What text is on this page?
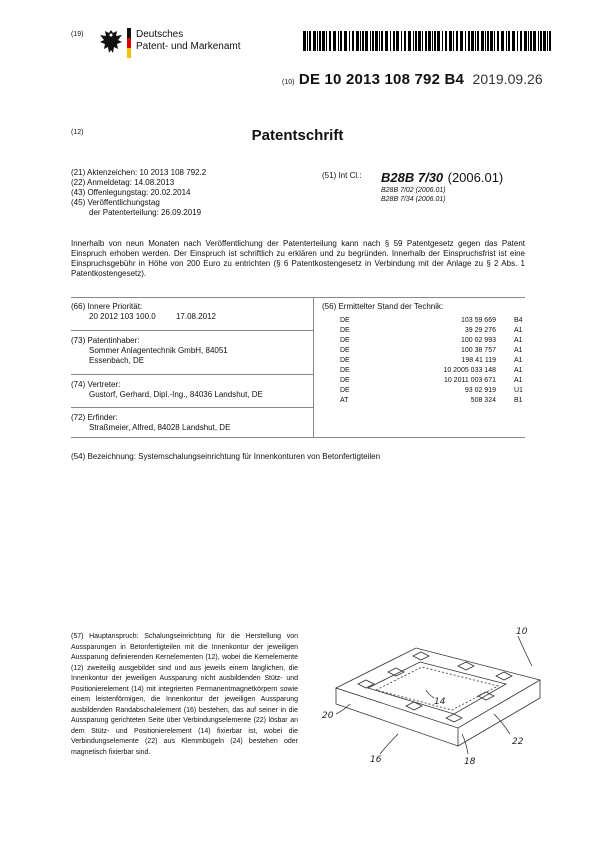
(19)	Deutsches
Patent- und Markenamt
(10) DE 10 2013 108 792 B4 2019.09.26
(12)	Patentschrift
(21) Aktenzeichen: 10 2013 108 792.2
(22) Anmeldetag: 14.08.2013
(43) Offenlegungstag: 20.02.2014
(45) Veröffentlichungstag
der Patenterteilung: 26.09.2019
(51) Int Cl.: B28B 7/30 (2006.01)
B28B 7/02 (2006.01)
B28B 7/34 (2006.01)
Innerhalb von neun Monaten nach Veröffentlichung der Patenterteilung kann nach § 59 Patentgesetz gegen das Patent Einspruch erhoben werden. Der Einspruch ist schriftlich zu erklären und zu begründen. Innerhalb der Einspruchsfrist ist eine Einspruchsgebühr in Höhe von 200 Euro zu entrichten (§ 6 Patentkostengesetz in Verbindung mit der Anlage zu § 2 Abs. 1 Patentkostengesetz).
(66) Innere Priorität:
20 2012 103 100.0	17.08.2012
(73) Patentinhaber:
Sommer Anlagentechnik GmbH, 84051
Essenbach, DE
(74) Vertreter:
Gustorf, Gerhard, Dipl.-Ing., 84036 Landshut, DE
(72) Erfinder:
Straßmeier, Alfred, 84028 Landshut, DE
(56) Ermittelter Stand der Technik:
DE	103 59 669	B4
DE	39 29 276	A1
DE	100 02 993	A1
DE	100 38 757	A1
DE	198 41 119	A1
DE	10 2005 033 148	A1
DE	10 2011 003 671	A1
DE	93 02 919	U1
AT	508 324	B1
(54) Bezeichnung: Systemschalungseinrichtung für Innenkonturen von Betonfertigteilen
(57) Hauptanspruch: Schalungseinrichtung für die Herstellung von Aussparungen in Betonfertigteilen mit die Innenkontur der jeweiligen Aussparung definierenden Kernelementen (12), wobei die Kernelemente (12) zweiteilig ausgebildet sind und aus jeweils einem länglichen, die Innenkontur der jeweiligen Aussparung nicht ausbildenden Stütz- und Positionierelement (14) mit integrierten Permanentmagnetkörpern sowie einem leistenförmigen, die Innenkontur der jeweiligen Aussparung ausbildenden Randabschalelement (16) bestehen, das auf seiner in die Aussparung gerichteten Seite über Verbindungselemente (22) lösbar an dem Stütz- und Positionierelement (14) fixierbar ist, wobei die Verbindungselemente (22) aus Klemmbügeln (24) bestehen oder magnetisch fixierbar sind.
10
14
20
22
16	18
